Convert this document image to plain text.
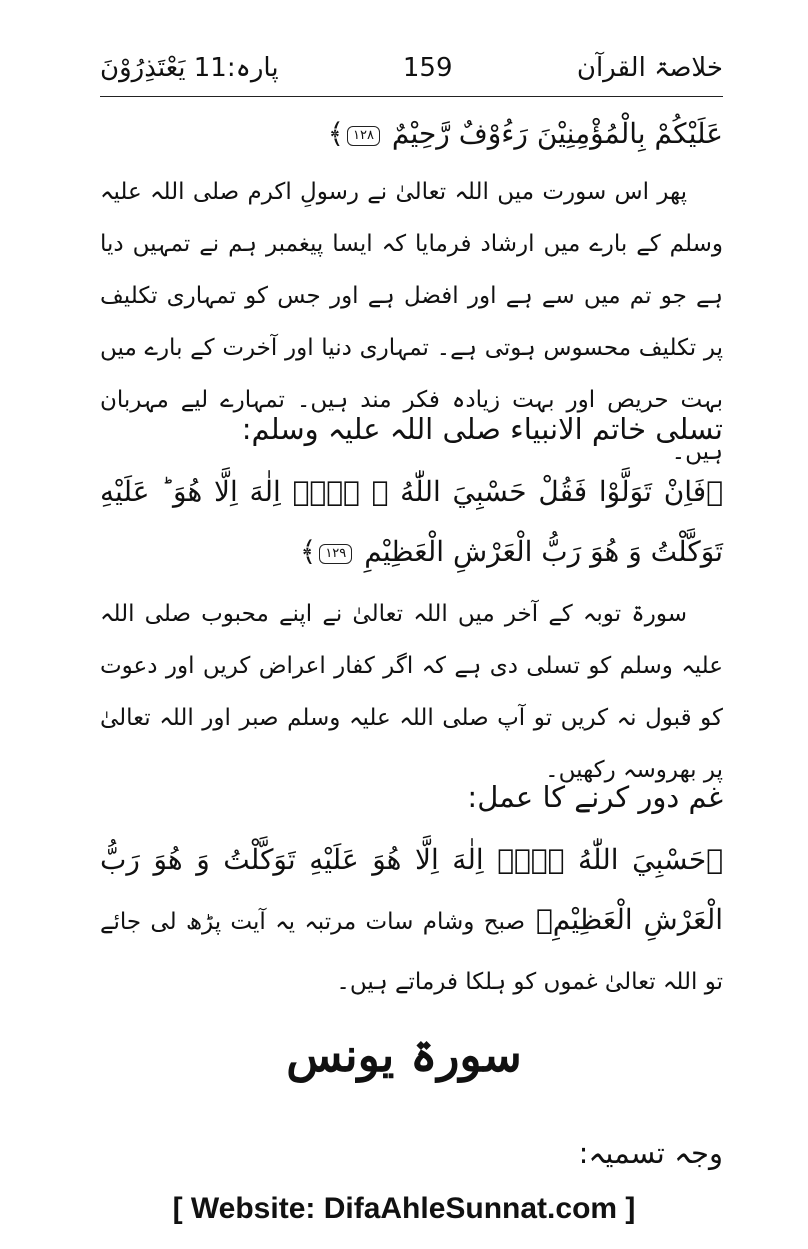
پارہ:11 يَعْتَذِرُوْنَ	159	خلاصۃ القرآن
عَلَيْكُمْ بِالْمُؤْمِنِيْنَ رَءُوْفٌ رَّحِيْمٌ ١٢٨﴾
پھر اس سورت میں اللہ تعالیٰ نے رسولِ اکرم صلی اللہ علیہ وسلم کے بارے میں ارشاد فرمایا کہ ایسا پیغمبر ہم نے تمہیں دیا ہے جو تم میں سے ہے اور افضل ہے اور جس کو تمہاری تکلیف پر تکلیف محسوس ہوتی ہے۔ تمہاری دنیا اور آخرت کے بارے میں بہت حریص اور بہت زیادہ فکر مند ہیں۔ تمہارے لیے مہربان ہیں۔
تسلی خاتم الانبیاء صلی اللہ علیہ وسلم:
﴿فَاِنْ تَوَلَّوْا فَقُلْ حَسْبِيَ اللّٰهُ ۖ لَاۤ اِلٰهَ اِلَّا هُوَ ؕ عَلَيْهِ تَوَكَّلْتُ وَ هُوَ رَبُّ الْعَرْشِ الْعَظِيْمِ ١٢٩﴾
سورۃ توبہ کے آخر میں اللہ تعالیٰ نے اپنے محبوب صلی اللہ علیہ وسلم کو تسلی دی ہے کہ اگر کفار اعراض کریں اور دعوت کو قبول نہ کریں تو آپ صلی اللہ علیہ وسلم صبر اور اللہ تعالیٰ پر بھروسہ رکھیں۔
غم دور کرنے کا عمل:
﴿حَسْبِيَ اللّٰهُ لَاۤ اِلٰهَ اِلَّا هُوَ عَلَيْهِ تَوَكَّلْتُ وَ هُوَ رَبُّ الْعَرْشِ الْعَظِيْمِ﴾ صبح وشام سات مرتبہ یہ آیت پڑھ لی جائے تو اللہ تعالیٰ غموں کو ہلکا فرماتے ہیں۔
سورۃ یونس
وجہ تسمیہ:
[ Website: DifaAhleSunnat.com ]
